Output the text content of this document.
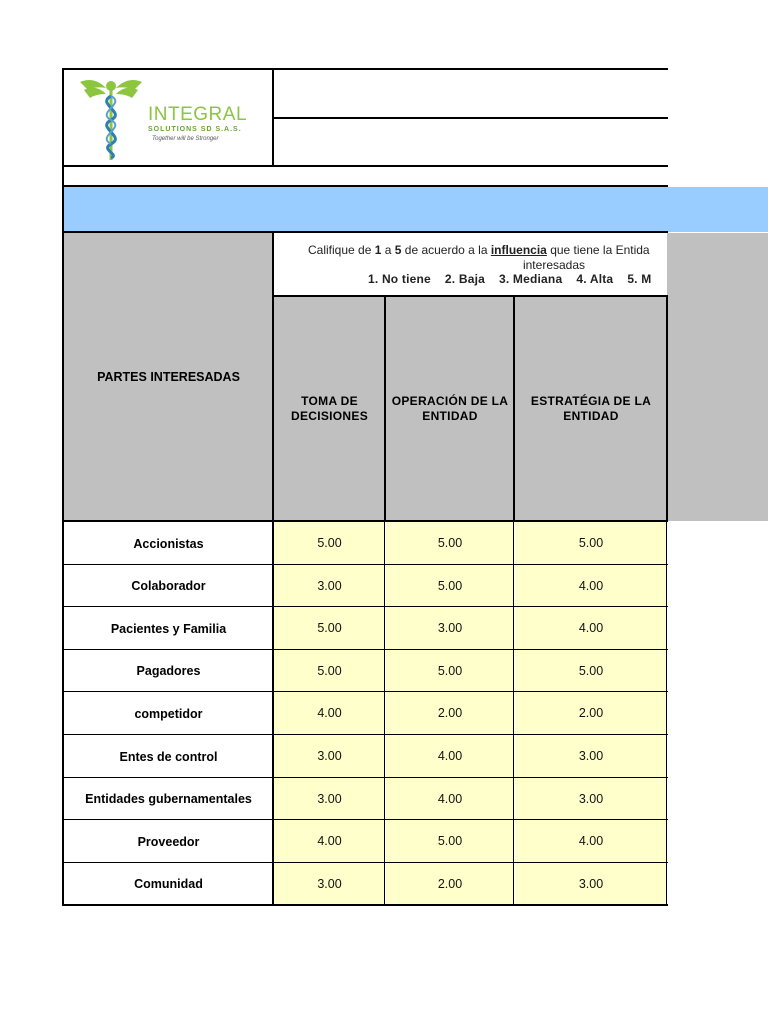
INTEGRAL
SOLUTIONS SD S.A.S.
Together will be Stronger
Califique de 1 a 5 de acuerdo a la influencia que tiene la Entida
interesadas
1. No tiene 2. Baja 3. Mediana 4. Alta 5. M
PARTES INTERESADAS
TOMA DE DECISIONES
OPERACIÓN DE LA ENTIDAD
ESTRATÉGIA DE LA ENTIDAD
Accionistas	5.00	5.00	5.00
Colaborador	3.00	5.00	4.00
Pacientes y Familia	5.00	3.00	4.00
Pagadores	5.00	5.00	5.00
competidor	4.00	2.00	2.00
Entes de control	3.00	4.00	3.00
Entidades gubernamentales	3.00	4.00	3.00
Proveedor	4.00	5.00	4.00
Comunidad	3.00	2.00	3.00
